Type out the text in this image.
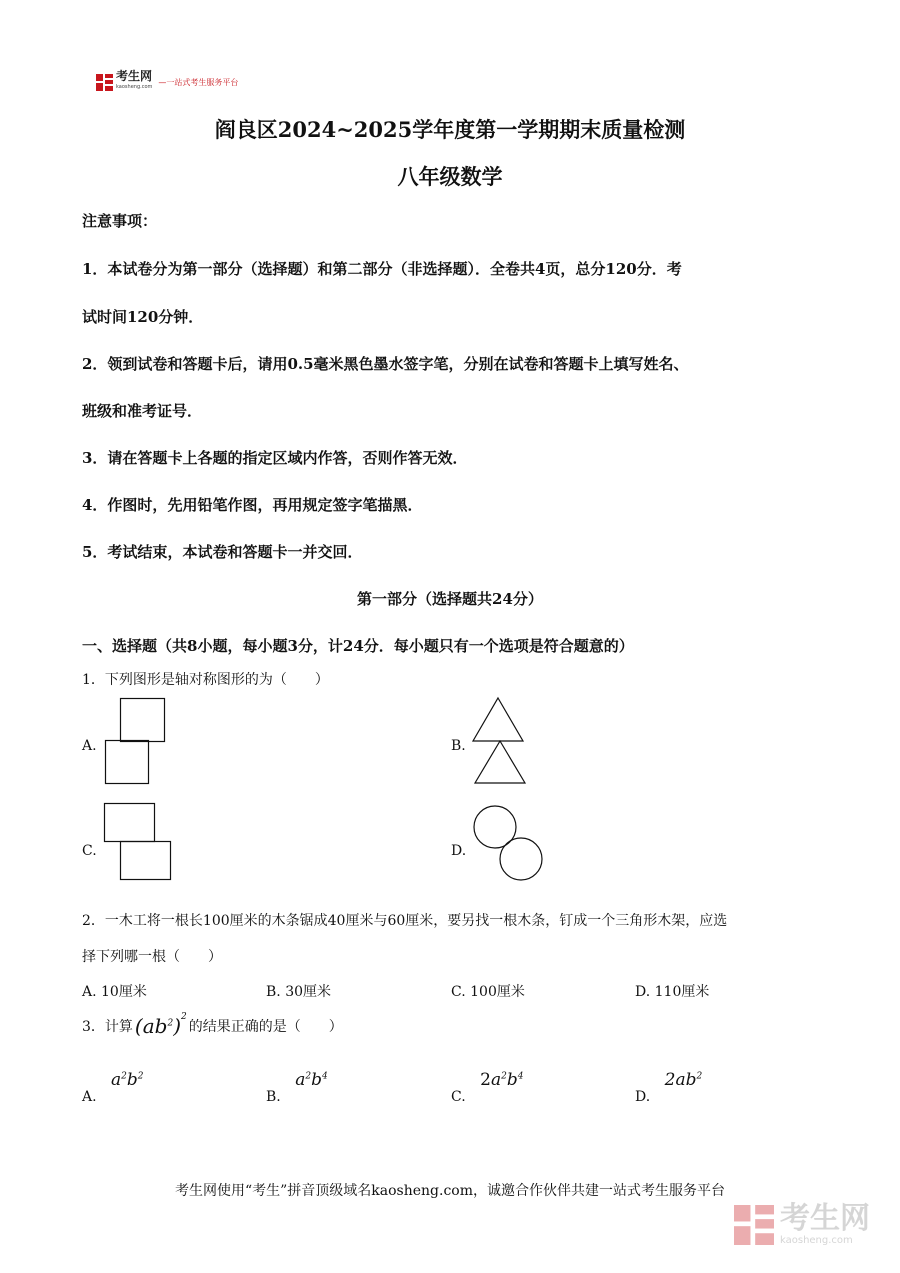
考生网
kaosheng.com
—一站式考生服务平台
阎良区2024~2025学年度第一学期期末质量检测
八年级数学
注意事项：
1．本试卷分为第一部分（选择题）和第二部分（非选择题）．全卷共4页，总分120分．考
试时间120分钟．
2．领到试卷和答题卡后，请用0.5毫米黑色墨水签字笔，分别在试卷和答题卡上填写姓名、
班级和准考证号．
3．请在答题卡上各题的指定区域内作答，否则作答无效．
4．作图时，先用铅笔作图，再用规定签字笔描黑．
5．考试结束，本试卷和答题卡一并交回．
第一部分（选择题共24分）
一、选择题（共8小题，每小题3分，计24分．每小题只有一个选项是符合题意的）
1．下列图形是轴对称图形的为（　　）
A.	B.
C.	D.
2．一木工将一根长100厘米的木条锯成40厘米与60厘米，要另找一根木条，钉成一个三角形木架，应选
择下列哪一根（　　）
A. 10厘米	B. 30厘米	C. 100厘米	D. 110厘米
3．计算 $(ab^2)^2$
的结果正确的是（　　）
A. $a^2b^2$
B. $a^2b^4$
C. $2a^2b^4$
D. $2ab^2$
考生网使用“考生”拼音顶级域名kaosheng.com，诚邀合作伙伴共建一站式考生服务平台
考生网
kaosheng.com
